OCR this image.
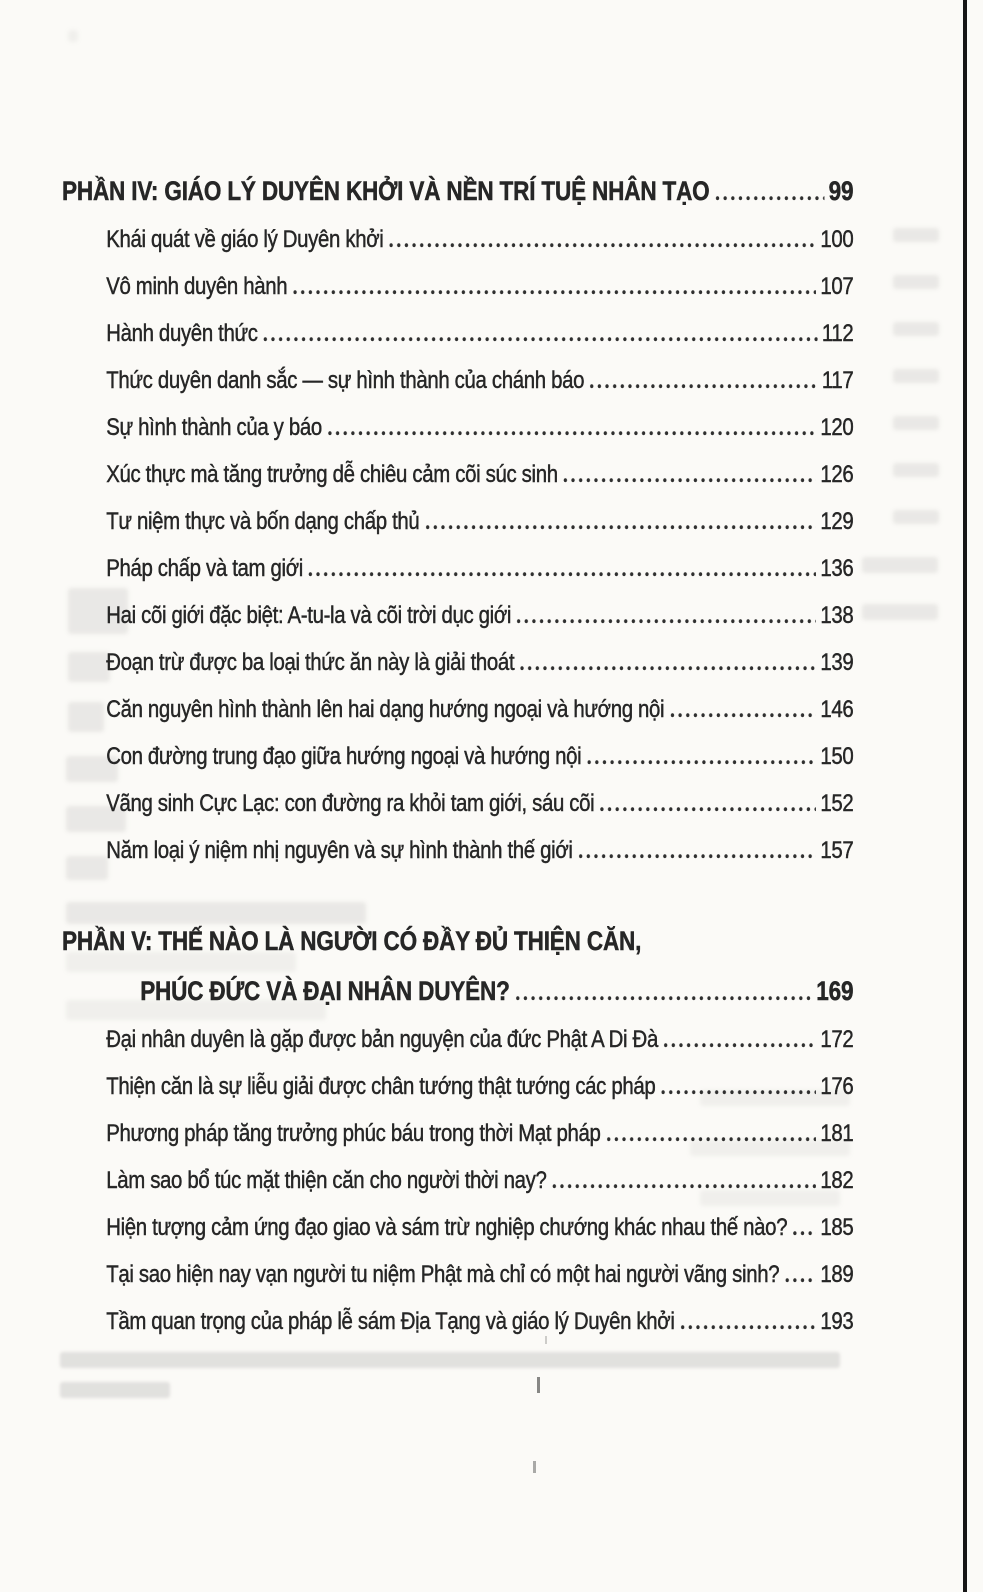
PHẦN IV: GIÁO LÝ DUYÊN KHỞI VÀ NỀN TRÍ TUỆ NHÂN TẠO	99
Khái quát về giáo lý Duyên khởi	100
Vô minh duyên hành	107
Hành duyên thức	112
Thức duyên danh sắc — sự hình thành của chánh báo	117
Sự hình thành của y báo	120
Xúc thực mà tăng trưởng dễ chiêu cảm cõi súc sinh	126
Tư niệm thực và bốn dạng chấp thủ	129
Pháp chấp và tam giới	136
Hai cõi giới đặc biệt: A-tu-la và cõi trời dục giới	138
Đoạn trừ được ba loại thức ăn này là giải thoát	139
Căn nguyên hình thành lên hai dạng hướng ngoại và hướng nội	146
Con đường trung đạo giữa hướng ngoại và hướng nội	150
Vãng sinh Cực Lạc: con đường ra khỏi tam giới, sáu cõi	152
Năm loại ý niệm nhị nguyên và sự hình thành thế giới	157
PHẦN V: THẾ NÀO LÀ NGƯỜI CÓ ĐẦY ĐỦ THIỆN CĂN,
PHÚC ĐỨC VÀ ĐẠI NHÂN DUYÊN?	169
Đại nhân duyên là gặp được bản nguyện của đức Phật A Di Đà	172
Thiện căn là sự liễu giải được chân tướng thật tướng các pháp	176
Phương pháp tăng trưởng phúc báu trong thời Mạt pháp	181
Làm sao bổ túc mặt thiện căn cho người thời nay?	182
Hiện tượng cảm ứng đạo giao và sám trừ nghiệp chướng khác nhau thế nào? 185
Tại sao hiện nay vạn người tu niệm Phật mà chỉ có một hai người vãng sinh? 189
Tầm quan trọng của pháp lễ sám Địa Tạng và giáo lý Duyên khởi	193
